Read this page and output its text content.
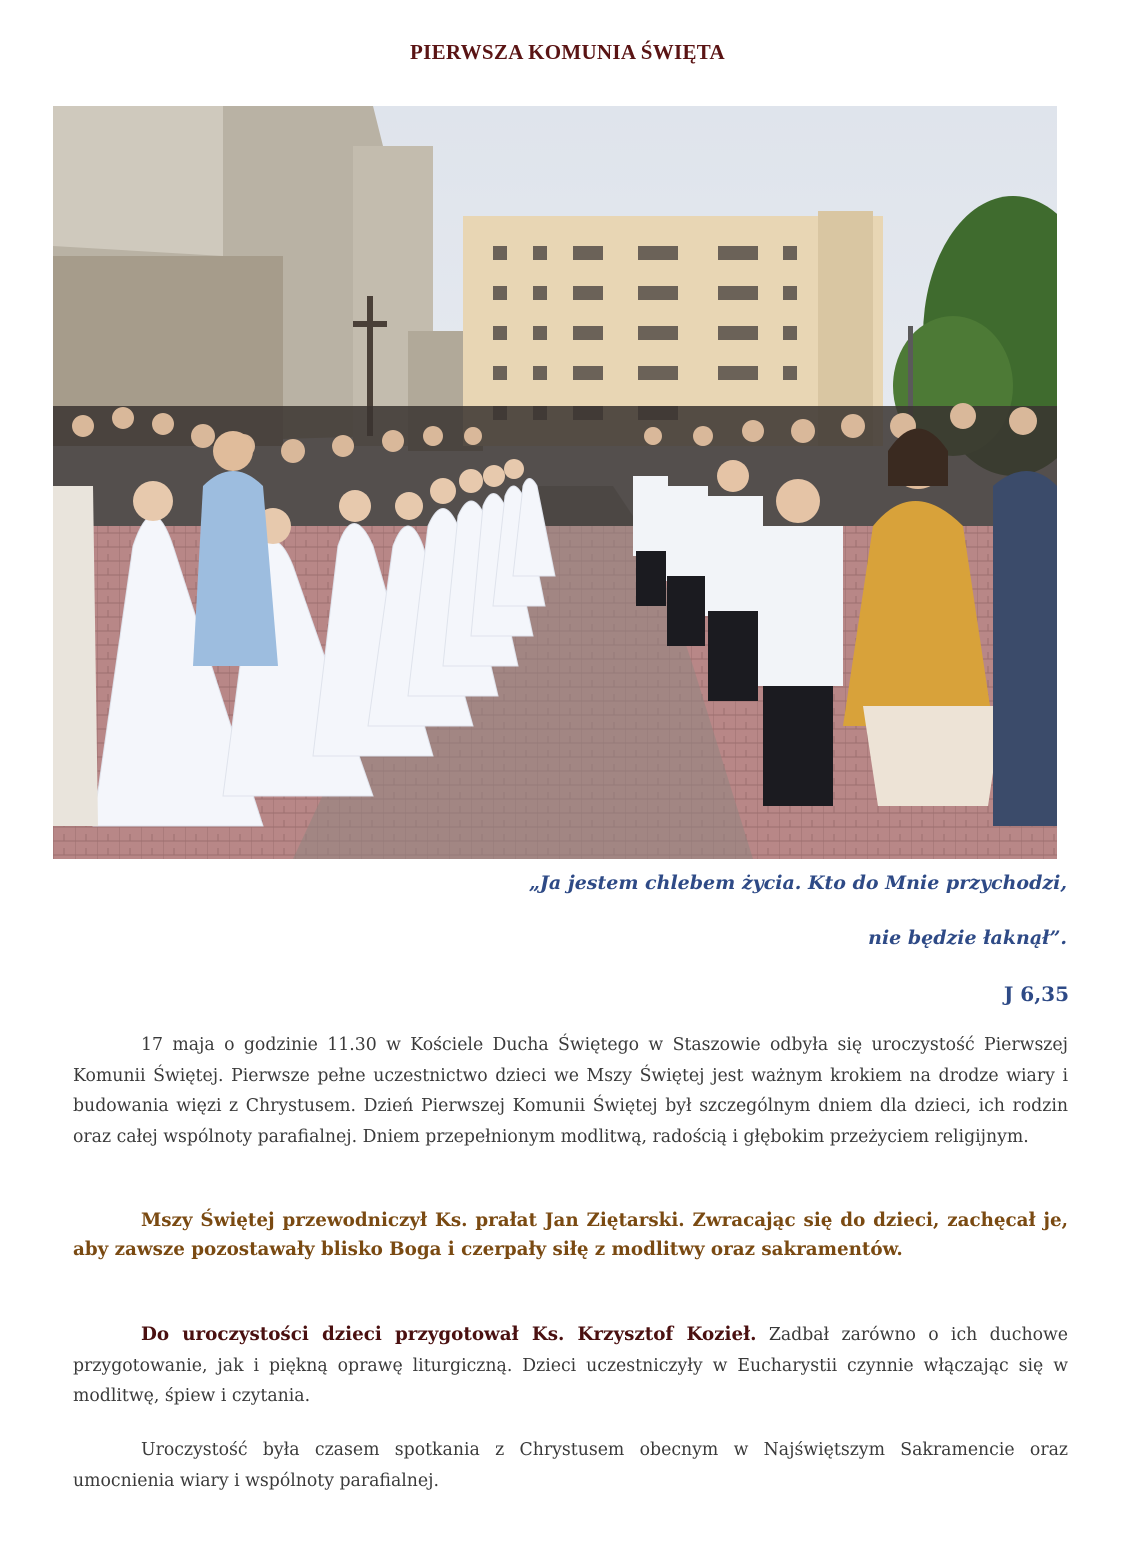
PIERWSZA KOMUNIA ŚWIĘTA
„Ja jestem chlebem życia. Kto do Mnie przychodzi,
nie będzie łaknął”.
J 6,35

17 maja o godzinie 11.30 w Kościele Ducha Świętego w Staszowie odbyła się uroczystość Pierwszej Komunii Świętej. Pierwsze pełne uczestnictwo dzieci we Mszy Świętej jest ważnym krokiem na drodze wiary i budowania więzi z Chrystusem. Dzień Pierwszej Komunii Świętej był szczególnym dniem dla dzieci, ich rodzin oraz całej wspólnoty parafialnej. Dniem przepełnionym modlitwą, radością i głębokim przeżyciem religijnym.

Mszy Świętej przewodniczył Ks. prałat Jan Ziętarski. Zwracając się do dzieci, zachęcał je, aby zawsze pozostawały blisko Boga i czerpały siłę z modlitwy oraz sakramentów.

Do uroczystości dzieci przygotował Ks. Krzysztof Kozieł. Zadbał zarówno o ich duchowe przygotowanie, jak i piękną oprawę liturgiczną. Dzieci uczestniczyły w Eucharystii czynnie włączając się w modlitwę, śpiew i czytania.

Uroczystość była czasem spotkania z Chrystusem obecnym w Najświętszym Sakramencie oraz umocnienia wiary i wspólnoty parafialnej.
